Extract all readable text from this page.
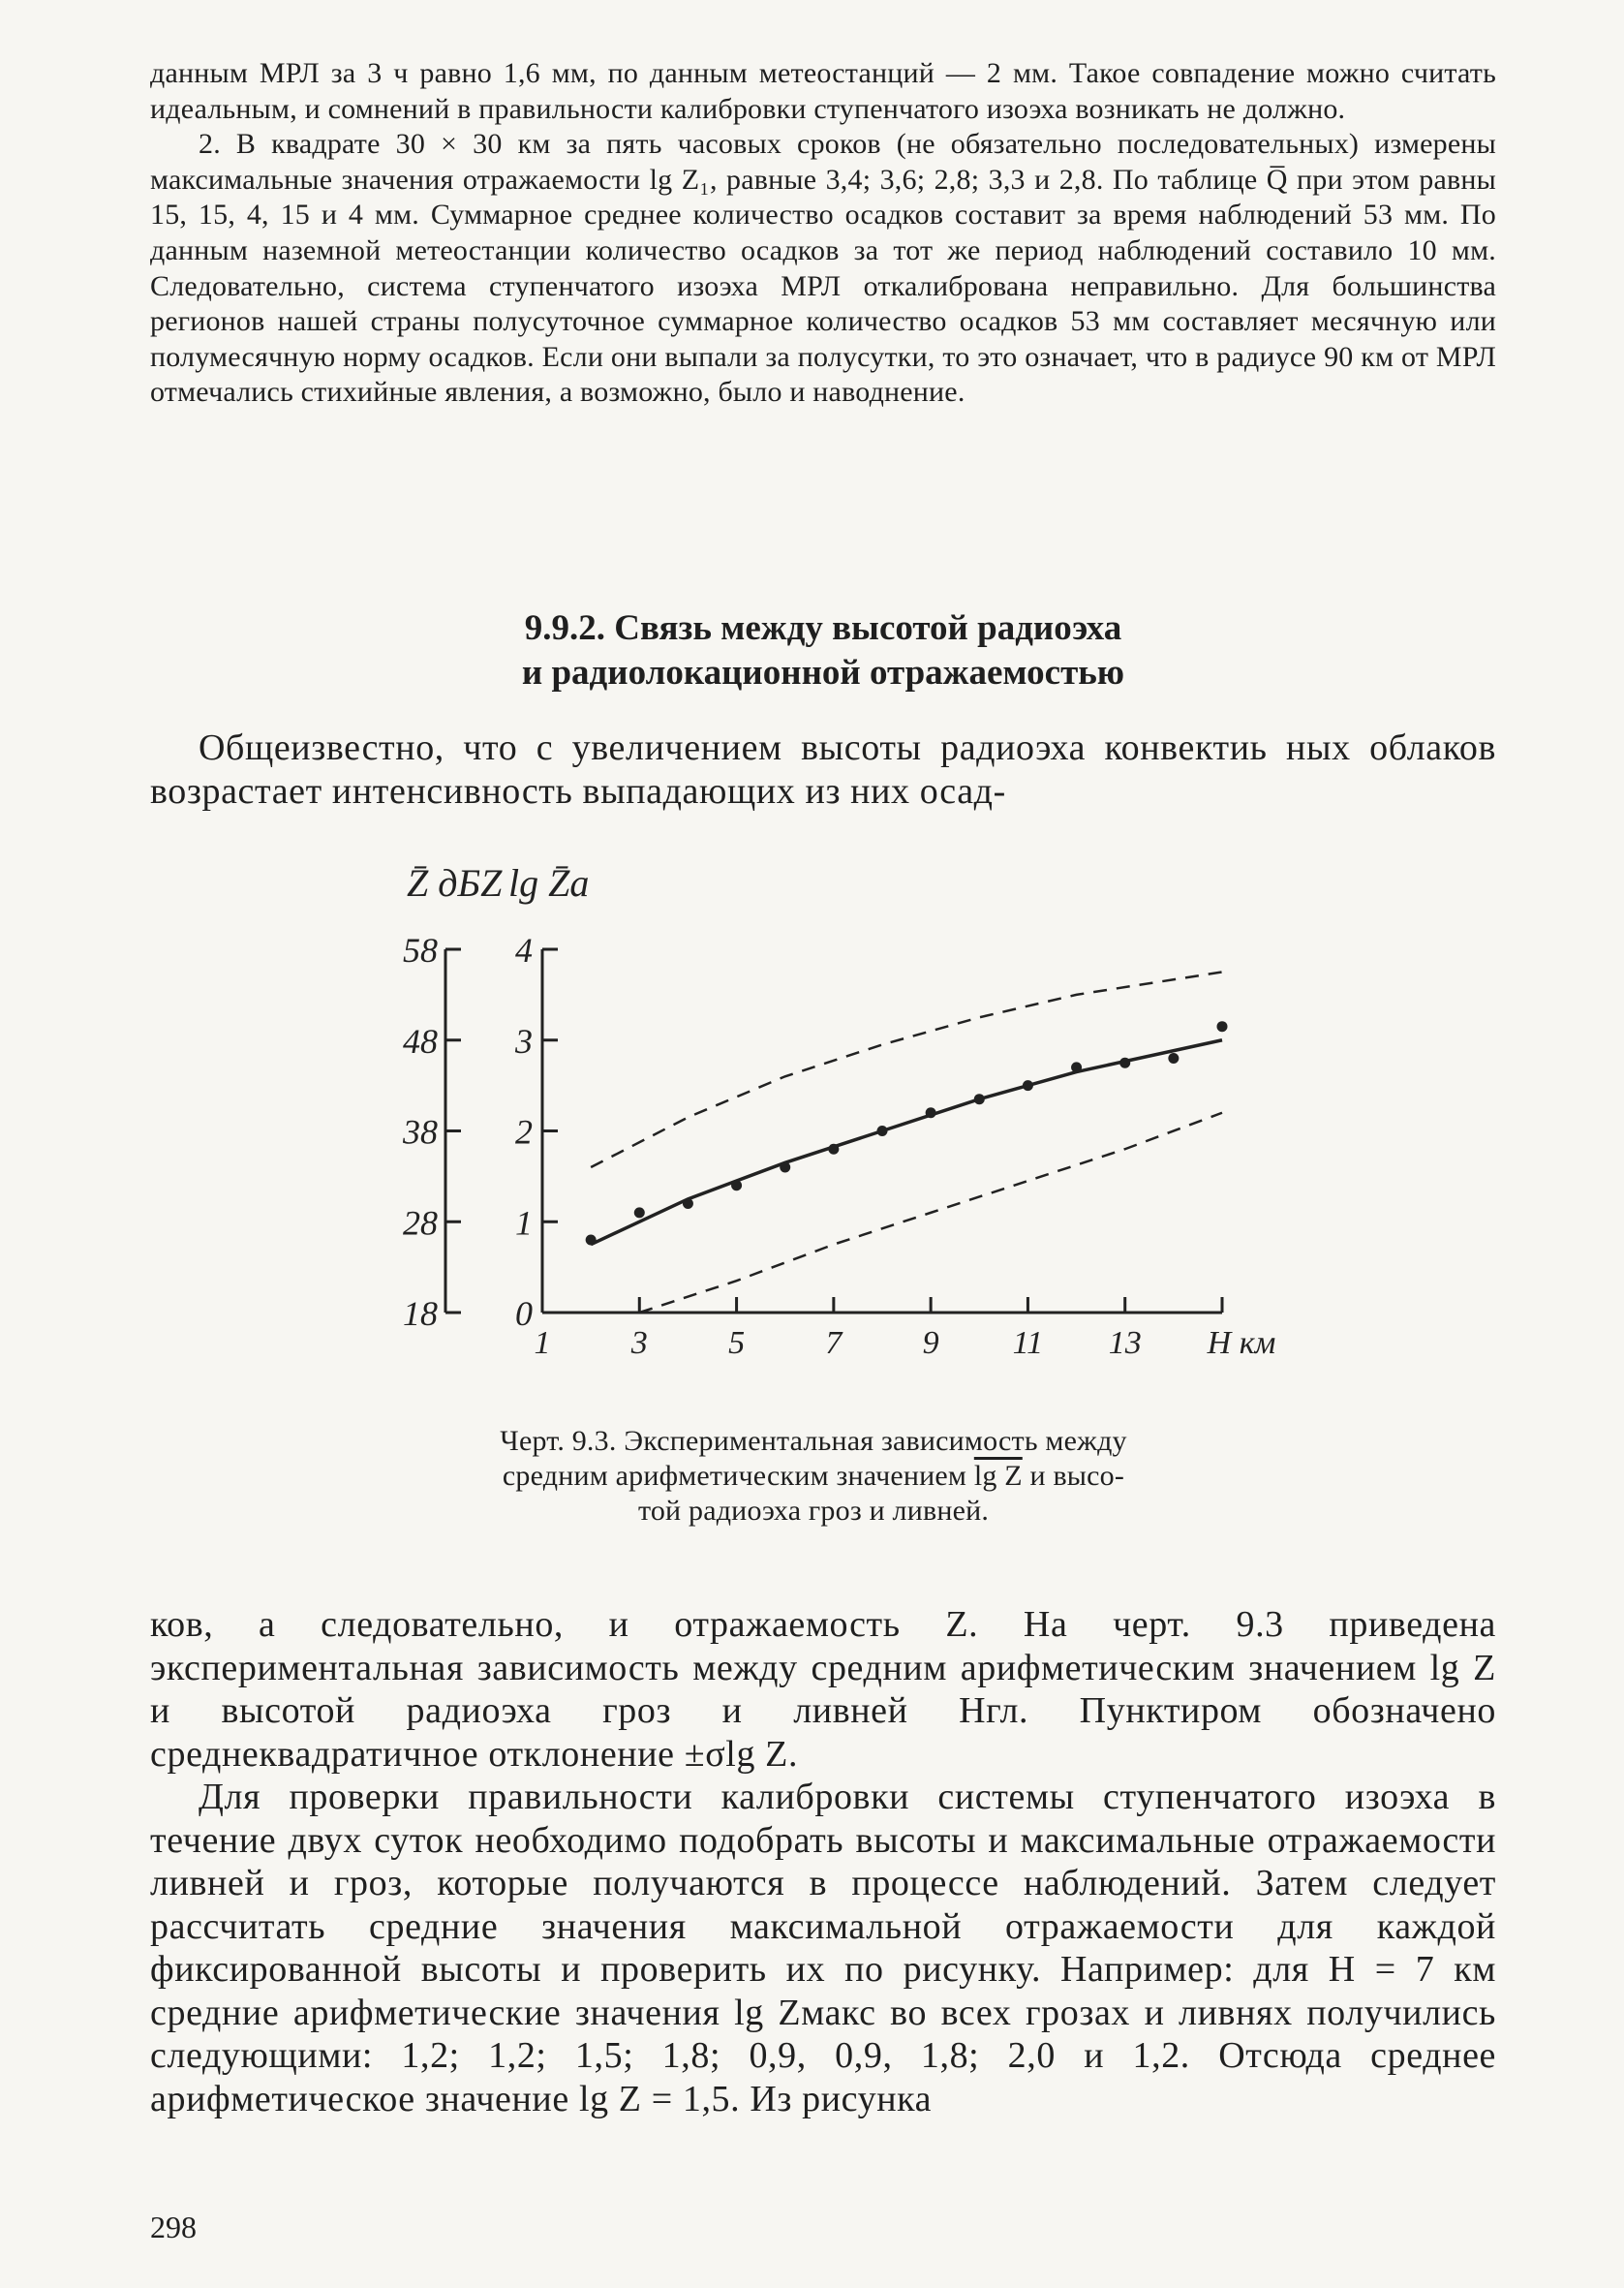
данным МРЛ за 3 ч равно 1,6 мм, по данным метеостанций — 2 мм. Такое совпадение можно считать идеальным, и сомнений в правильности калибровки ступенчатого изоэха возникать не должно.

2. В квадрате 30 × 30 км за пять часовых сроков (не обязательно последовательных) измерены максимальные значения отражаемости lg Z₁, равные 3,4; 3,6; 2,8; 3,3 и 2,8. По таблице Q̅ при этом равны 15, 15, 4, 15 и 4 мм. Суммарное среднее количество осадков составит за время наблюдений 53 мм. По данным наземной метеостанции количество осадков за тот же период наблюдений составило 10 мм. Следовательно, система ступенчатого изоэха МРЛ откалибрована неправильно. Для большинства регионов нашей страны полусуточное суммарное количество осадков 53 мм составляет месячную или полумесячную норму осадков. Если они выпали за полусутки, то это означает, что в радиусе 90 км от МРЛ отмечались стихийные явления, а возможно, было и наводнение.

9.9.2. Связь между высотой радиоэха
и радиолокационной отражаемостью

Общеизвестно, что с увеличением высоты радиоэха конвектиь ных облаков возрастает интенсивность выпадающих из них осад-

Z̄ дБZ lg Z̄а
58
48
38
28
18
4
3
2
1
0
1 3 5 7 9 11 13 H км
Черт. 9.3. Экспериментальная зависимость между
средним арифметическим значением lg Z и высо-
той радиоэха гроз и ливней.

ков, а следовательно, и отражаемость Z. На черт. 9.3 приведена экспериментальная зависимость между средним арифметическим значением lg Z и высотой радиоэха гроз и ливней Hгл. Пунктиром обозначено среднеквадратичное отклонение ±σlg Z.

Для проверки правильности калибровки системы ступенчатого изоэха в течение двух суток необходимо подобрать высоты и максимальные отражаемости ливней и гроз, которые получаются в процессе наблюдений. Затем следует рассчитать средние значения максимальной отражаемости для каждой фиксированной высоты и проверить их по рисунку. Например: для H = 7 км средние арифметические значения lg Zмакс во всех грозах и ливнях получились следующими: 1,2; 1,2; 1,5; 1,8; 0,9, 0,9, 1,8; 2,0 и 1,2. Отсюда среднее арифметическое значение lg Z = 1,5. Из рисунка

298
